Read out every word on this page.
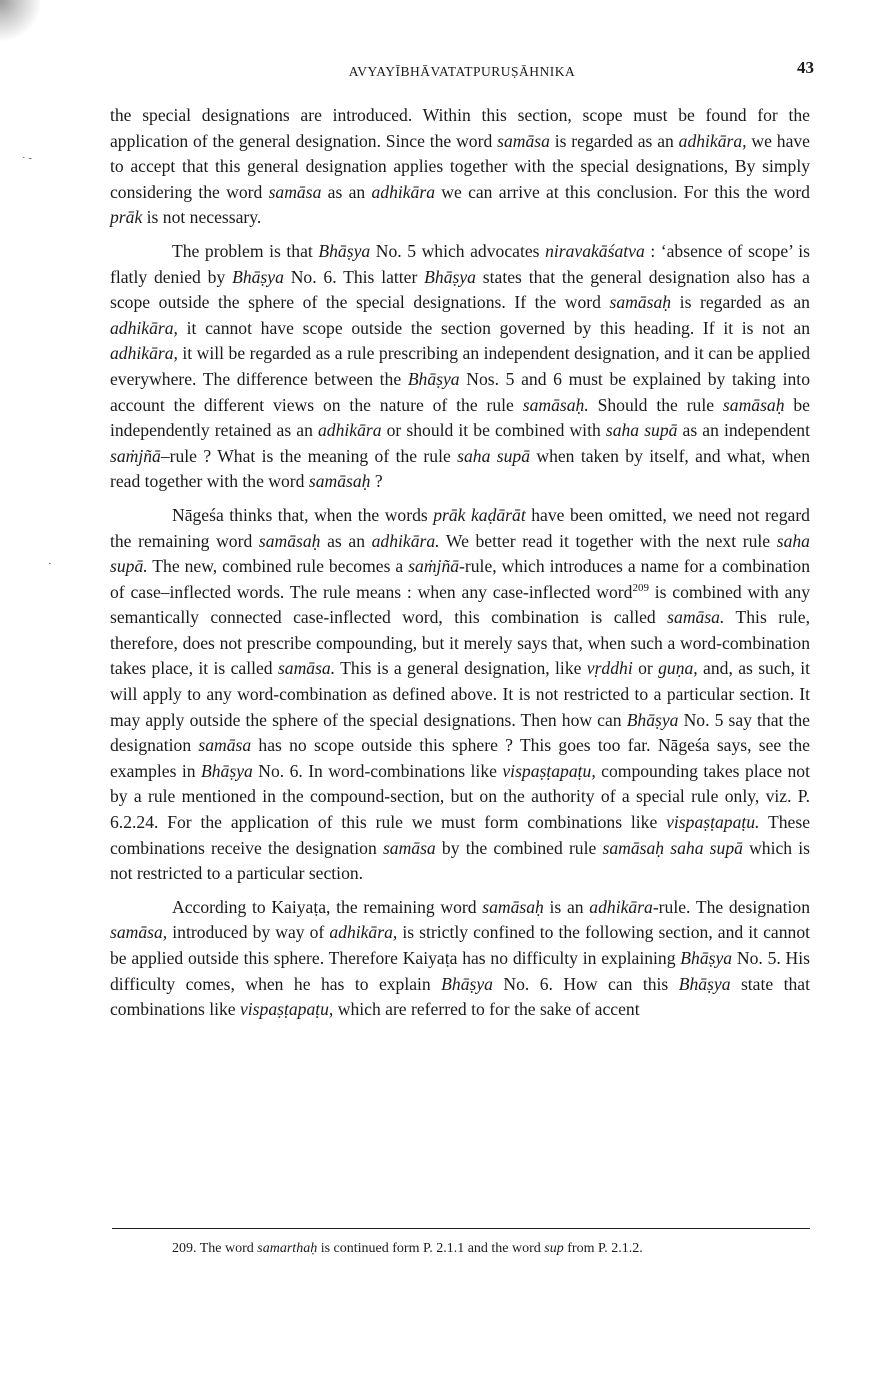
· -
·
AVYAYĪBHĀVATATPURUṢĀHNIKA	43

the special designations are introduced. Within this section, scope must be found for the application of the general designation. Since the word samāsa is regarded as an adhikāra, we have to accept that this general designation applies together with the special designations, By simply considering the word samāsa as an adhikāra we can arrive at this conclusion. For this the word prāk is not necessary.

The problem is that Bhāṣya No. 5 which advocates niravakāśatva : ‘absence of scope’ is flatly denied by Bhāṣya No. 6. This latter Bhāṣya states that the general designation also has a scope outside the sphere of the special designations. If the word samāsaḥ is regarded as an adhikāra, it cannot have scope outside the section governed by this heading. If it is not an adhikāra, it will be regarded as a rule prescribing an independent designation, and it can be applied everywhere. The difference between the Bhāṣya Nos. 5 and 6 must be explained by taking into account the different views on the nature of the rule samāsaḥ. Should the rule samāsaḥ be independently retained as an adhikāra or should it be combined with saha supā as an independent saṁjñā–rule ? What is the meaning of the rule saha supā when taken by itself, and what, when read together with the word samāsaḥ ?

Nāgeśa thinks that, when the words prāk kaḍārāt have been omitted, we need not regard the remaining word samāsaḥ as an adhikāra. We better read it together with the next rule saha supā. The new, combined rule becomes a saṁjñā-rule, which introduces a name for a combination of case–inflected words. The rule means : when any case-inflected word$^{209}$ is combined with any semantically connected case-inflected word, this combination is called samāsa. This rule, therefore, does not prescribe compounding, but it merely says that, when such a word-combination takes place, it is called samāsa. This is a general designation, like vṛddhi or guṇa, and, as such, it will apply to any word-combination as defined above. It is not restricted to a particular section. It may apply outside the sphere of the special designations. Then how can Bhāṣya No. 5 say that the designation samāsa has no scope outside this sphere ? This goes too far. Nāgeśa says, see the examples in Bhāṣya No. 6. In word-combinations like vispaṣṭapaṭu, compounding takes place not by a rule mentioned in the compound-section, but on the authority of a special rule only, viz. P. 6.2.24. For the application of this rule we must form combinations like vispaṣṭapaṭu. These combinations receive the designation samāsa by the combined rule samāsaḥ saha supā which is not restricted to a particular section.

According to Kaiyaṭa, the remaining word samāsaḥ is an adhikāra-rule. The designation samāsa, introduced by way of adhikāra, is strictly confined to the following section, and it cannot be applied outside this sphere. Therefore Kaiyaṭa has no difficulty in explaining Bhāṣya No. 5. His difficulty comes, when he has to explain Bhāṣya No. 6. How can this Bhāṣya state that combinations like vispaṣṭapaṭu, which are referred to for the sake of accent

209. The word samarthaḥ is continued form P. 2.1.1 and the word sup from P. 2.1.2.
